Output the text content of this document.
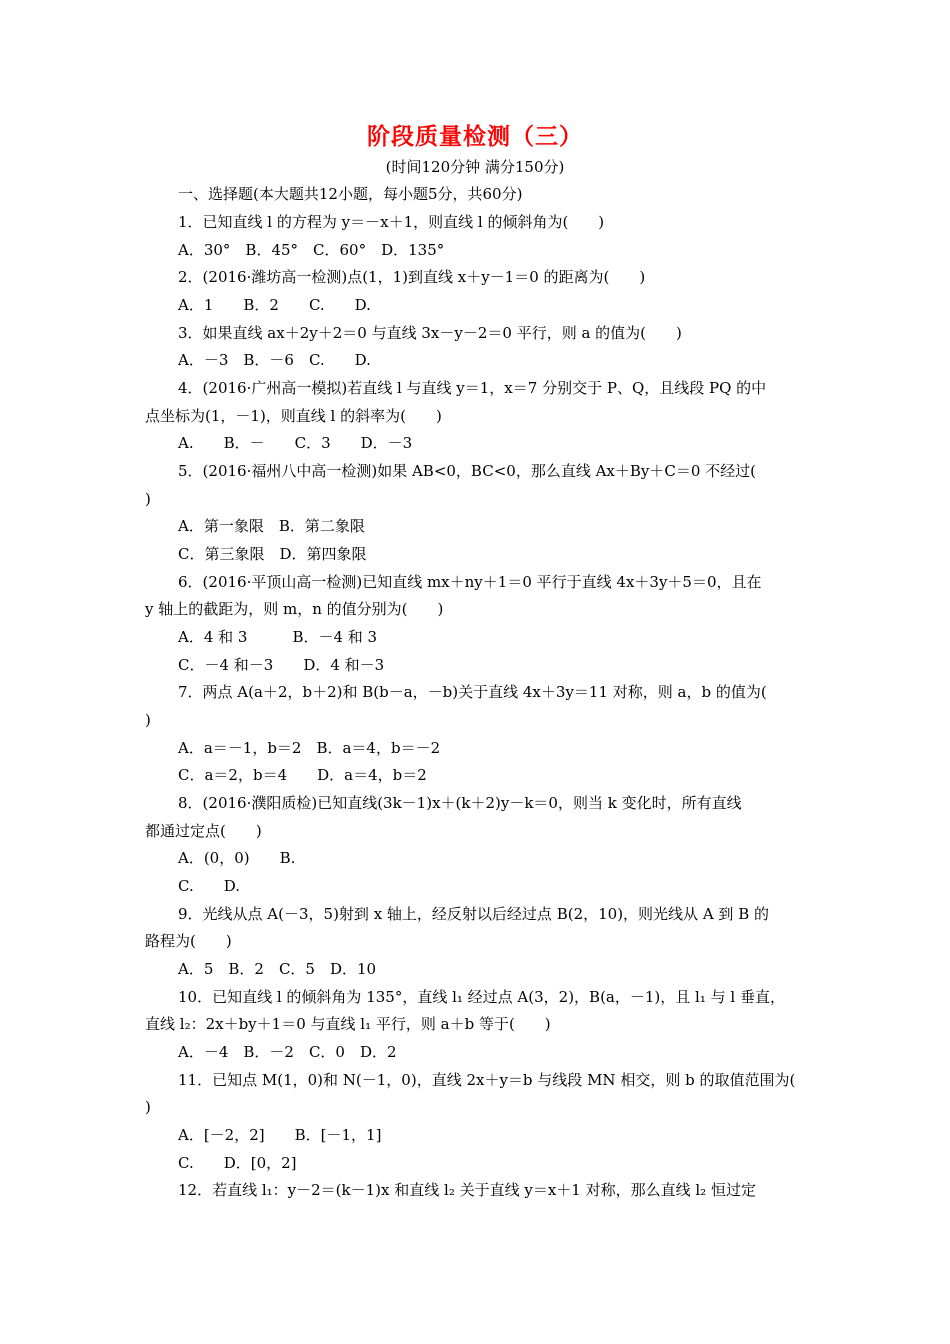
阶段质量检测（三）
(时间120分钟 满分150分)
一、选择题(本大题共12小题，每小题5分，共60分)
1．已知直线 l 的方程为 y＝－x＋1，则直线 l 的倾斜角为(　　)
A．30°　B．45°　C．60°　D．135°
2．(2016·潍坊高一检测)点(1，1)到直线 x＋y－1＝0 的距离为(　　)
A．1　　B．2　　C.　　D.
3．如果直线 ax＋2y＋2＝0 与直线 3x－y－2＝0 平行，则 a 的值为(　　)
A．－3　B．－6　C.　　D.
4．(2016·广州高一模拟)若直线 l 与直线 y＝1，x＝7 分别交于 P、Q，且线段 PQ 的中
点坐标为(1，－1)，则直线 l 的斜率为(　　)
A.　　B．－　　C．3　　D．－3
5．(2016·福州八中高一检测)如果 AB<0，BC<0，那么直线 Ax＋By＋C＝0 不经过(
)
A．第一象限　B．第二象限
C．第三象限　D．第四象限
6．(2016·平顶山高一检测)已知直线 mx＋ny＋1＝0 平行于直线 4x＋3y＋5＝0，且在
y 轴上的截距为，则 m，n 的值分别为(　　)
A．4 和 3　　　B．－4 和 3
C．－4 和－3　　D．4 和－3
7．两点 A(a＋2，b＋2)和 B(b－a，－b)关于直线 4x＋3y＝11 对称，则 a，b 的值为(
)
A．a＝－1，b＝2　B．a＝4，b＝－2
C．a＝2，b＝4　　D．a＝4，b＝2
8．(2016·濮阳质检)已知直线(3k－1)x＋(k＋2)y－k＝0，则当 k 变化时，所有直线
都通过定点(　　)
A．(0，0)　　B.
C.　　D.
9．光线从点 A(－3，5)射到 x 轴上，经反射以后经过点 B(2，10)，则光线从 A 到 B 的
路程为(　　)
A．5　B．2　C．5　D．10
10．已知直线 l 的倾斜角为 135°，直线 l₁ 经过点 A(3，2)，B(a，－1)，且 l₁ 与 l 垂直，
直线 l₂：2x＋by＋1＝0 与直线 l₁ 平行，则 a＋b 等于(　　)
A．－4　B．－2　C．0　D．2
11．已知点 M(1，0)和 N(－1，0)，直线 2x＋y＝b 与线段 MN 相交，则 b 的取值范围为(
)
A．[－2，2]　　B．[－1，1]
C.　　D．[0，2]
12．若直线 l₁：y－2＝(k－1)x 和直线 l₂ 关于直线 y＝x＋1 对称，那么直线 l₂ 恒过定
